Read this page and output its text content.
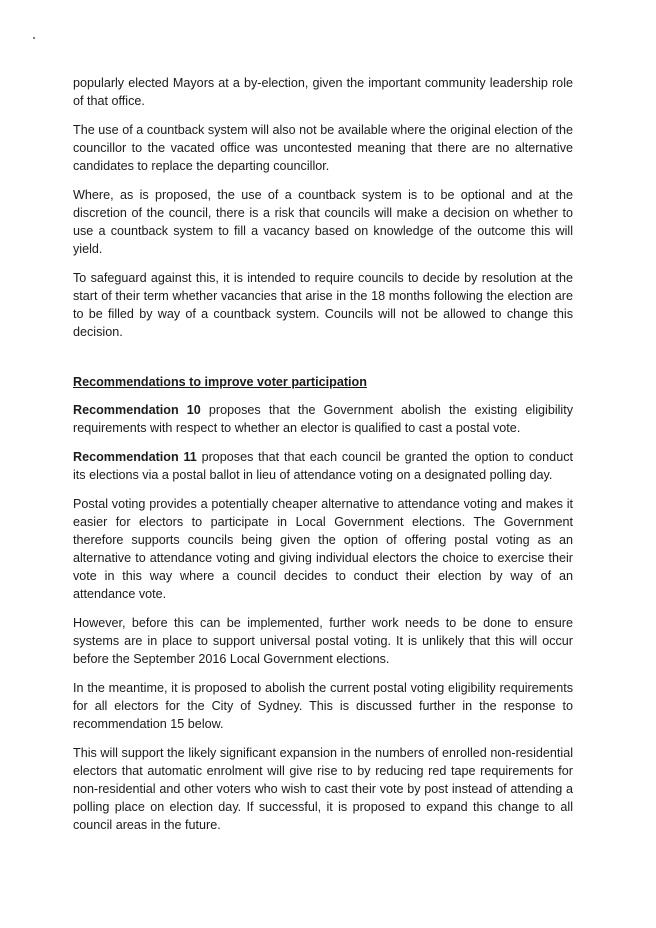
popularly elected Mayors at a by-election, given the important community leadership role of that office.

The use of a countback system will also not be available where the original election of the councillor to the vacated office was uncontested meaning that there are no alternative candidates to replace the departing councillor.

Where, as is proposed, the use of a countback system is to be optional and at the discretion of the council, there is a risk that councils will make a decision on whether to use a countback system to fill a vacancy based on knowledge of the outcome this will yield.

To safeguard against this, it is intended to require councils to decide by resolution at the start of their term whether vacancies that arise in the 18 months following the election are to be filled by way of a countback system. Councils will not be allowed to change this decision.

Recommendations to improve voter participation

Recommendation 10 proposes that the Government abolish the existing eligibility requirements with respect to whether an elector is qualified to cast a postal vote.

Recommendation 11 proposes that that each council be granted the option to conduct its elections via a postal ballot in lieu of attendance voting on a designated polling day.

Postal voting provides a potentially cheaper alternative to attendance voting and makes it easier for electors to participate in Local Government elections. The Government therefore supports councils being given the option of offering postal voting as an alternative to attendance voting and giving individual electors the choice to exercise their vote in this way where a council decides to conduct their election by way of an attendance vote.

However, before this can be implemented, further work needs to be done to ensure systems are in place to support universal postal voting. It is unlikely that this will occur before the September 2016 Local Government elections.

In the meantime, it is proposed to abolish the current postal voting eligibility requirements for all electors for the City of Sydney. This is discussed further in the response to recommendation 15 below.

This will support the likely significant expansion in the numbers of enrolled non-residential electors that automatic enrolment will give rise to by reducing red tape requirements for non-residential and other voters who wish to cast their vote by post instead of attending a polling place on election day. If successful, it is proposed to expand this change to all council areas in the future.
